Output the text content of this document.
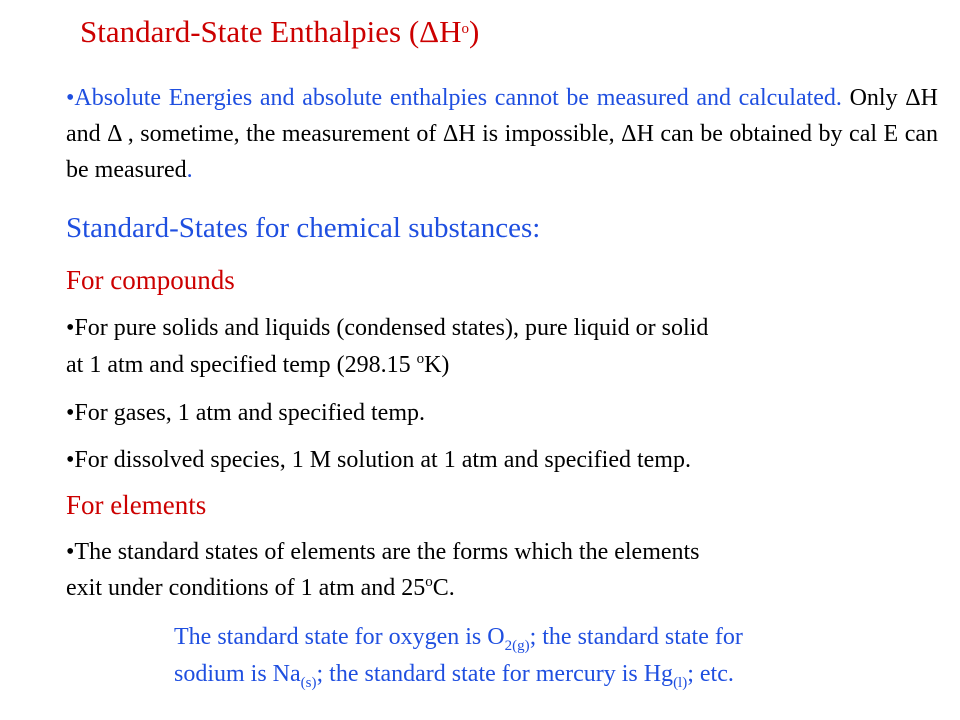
Standard-State Enthalpies $(\Delta H^o)$
•Absolute Energies and absolute enthalpies cannot be measured and calculated. Only ΔH and Δ , sometime, the measurement of ΔH is impossible, ΔH can be obtained by cal E can be measured.
Standard-States for chemical substances:
For compounds
•For pure solids and liquids (condensed states), pure liquid or solid
at 1 atm and specified temp (298.15 $^o$K)
•For gases, 1 atm and specified temp.
•For dissolved species, 1 M solution at 1 atm and specified temp.
For elements
•The standard states of elements are the forms which the elements
exit under conditions of 1 atm and 25$^o$C.
The standard state for oxygen is $O_{2(g)}$; the standard state for
sodium is $Na_{(s)}$; the standard state for mercury is $Hg_{(l)}$; etc.
